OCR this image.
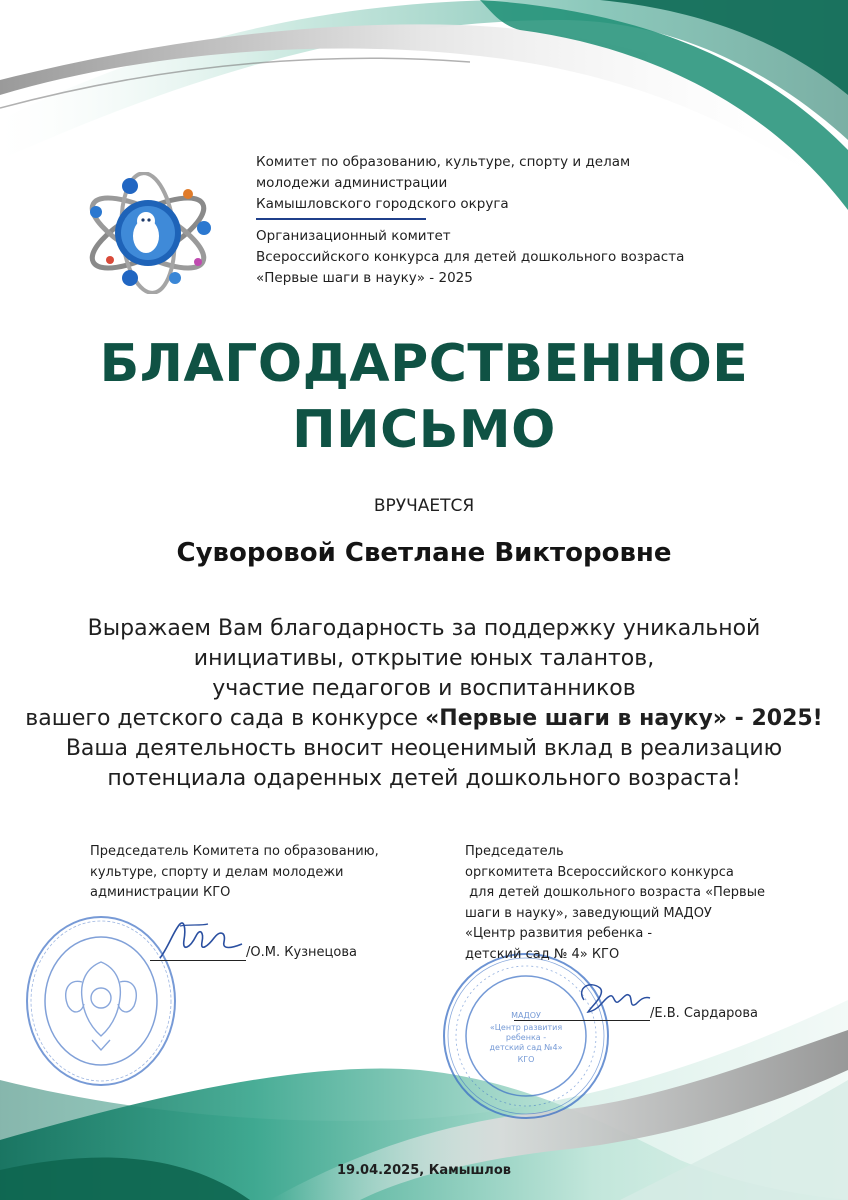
Комитет по образованию, культуре, спорту и делам
молодежи администрации
Камышловского городского округа
Организационный комитет
Всероссийского конкурса для детей дошкольного возраста
«Первые шаги в науку» - 2025
БЛАГОДАРСТВЕННОЕ
ПИСЬМО
ВРУЧАЕТСЯ
Суворовой Светлане Викторовне
Выражаем Вам благодарность за поддержку уникальной
инициативы, открытие юных талантов,
участие педагогов и воспитанников
вашего детского сада в конкурсе «Первые шаги в науку» - 2025!
Ваша деятельность вносит неоценимый вклад в реализацию
потенциала одаренных детей дошкольного возраста!
Председатель Комитета по образованию,
культуре, спорту и делам молодежи
администрации КГО
/О.М. Кузнецова
МАДОУ
«Центр развития
ребенка -
детский сад №4»
КГО
Председатель
оргкомитета Всероссийского конкурса
для детей дошкольного возраста «Первые
шаги в науку», заведующий МАДОУ
«Центр развития ребенка -
детский сад № 4» КГО
/Е.В. Сардарова
19.04.2025, Камышлов
